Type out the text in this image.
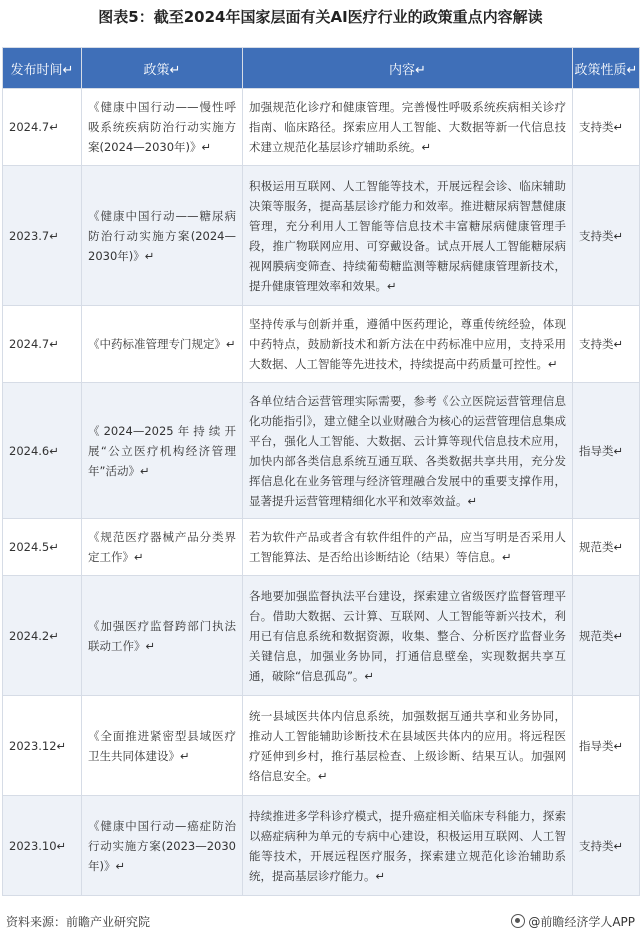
图表5：截至2024年国家层面有关AI医疗行业的政策重点内容解读
发布时间↵	政策↵	内容↵	政策性质↵
2024.7↵	《健康中国行动——慢性呼吸系统疾病防治行动实施方案(2024—2030年)》↵	加强规范化诊疗和健康管理。完善慢性呼吸系统疾病相关诊疗指南、临床路径。探索应用人工智能、大数据等新一代信息技术建立规范化基层诊疗辅助系统。↵	支持类↵
2023.7↵	《健康中国行动——糖尿病防治行动实施方案(2024—2030年)》↵	积极运用互联网、人工智能等技术，开展远程会诊、临床辅助决策等服务，提高基层诊疗能力和效率。推进糖尿病智慧健康管理，充分利用人工智能等信息技术丰富糖尿病健康管理手段，推广物联网应用、可穿戴设备。试点开展人工智能糖尿病视网膜病变筛查、持续葡萄糖监测等糖尿病健康管理新技术，提升健康管理效率和效果。↵	支持类↵
2024.7↵	《中药标准管理专门规定》↵	坚持传承与创新并重，遵循中医药理论，尊重传统经验，体现中药特点，鼓励新技术和新方法在中药标准中应用，支持采用大数据、人工智能等先进技术，持续提高中药质量可控性。↵	支持类↵
2024.6↵	《2024—2025年持续开展“公立医疗机构经济管理年”活动》↵	各单位结合运营管理实际需要，参考《公立医院运营管理信息化功能指引》，建立健全以业财融合为核心的运营管理信息集成平台，强化人工智能、大数据、云计算等现代信息技术应用，加快内部各类信息系统互通互联、各类数据共享共用，充分发挥信息化在业务管理与经济管理融合发展中的重要支撑作用，显著提升运营管理精细化水平和效率效益。↵	指导类↵
2024.5↵	《规范医疗器械产品分类界定工作》↵	若为软件产品或者含有软件组件的产品，应当写明是否采用人工智能算法、是否给出诊断结论（结果）等信息。↵	规范类↵
2024.2↵	《加强医疗监督跨部门执法联动工作》↵	各地要加强监督执法平台建设，探索建立省级医疗监督管理平台。借助大数据、云计算、互联网、人工智能等新兴技术，利用已有信息系统和数据资源，收集、整合、分析医疗监督业务关键信息，加强业务协同，打通信息壁垒，实现数据共享互通，破除“信息孤岛”。↵	规范类↵
2023.12↵	《全面推进紧密型县域医疗卫生共同体建设》↵	统一县域医共体内信息系统，加强数据互通共享和业务协同，推动人工智能辅助诊断技术在县域医共体内的应用。将远程医疗延伸到乡村，推行基层检查、上级诊断、结果互认。加强网络信息安全。↵	指导类↵
2023.10↵	《健康中国行动—癌症防治行动实施方案(2023—2030年)》↵	持续推进多学科诊疗模式，提升癌症相关临床专科能力，探索以癌症病种为单元的专病中心建设，积极运用互联网、人工智能等技术，开展远程医疗服务，探索建立规范化诊治辅助系统，提高基层诊疗能力。↵	支持类↵
资料来源：前瞻产业研究院	@前瞻经济学人APP
